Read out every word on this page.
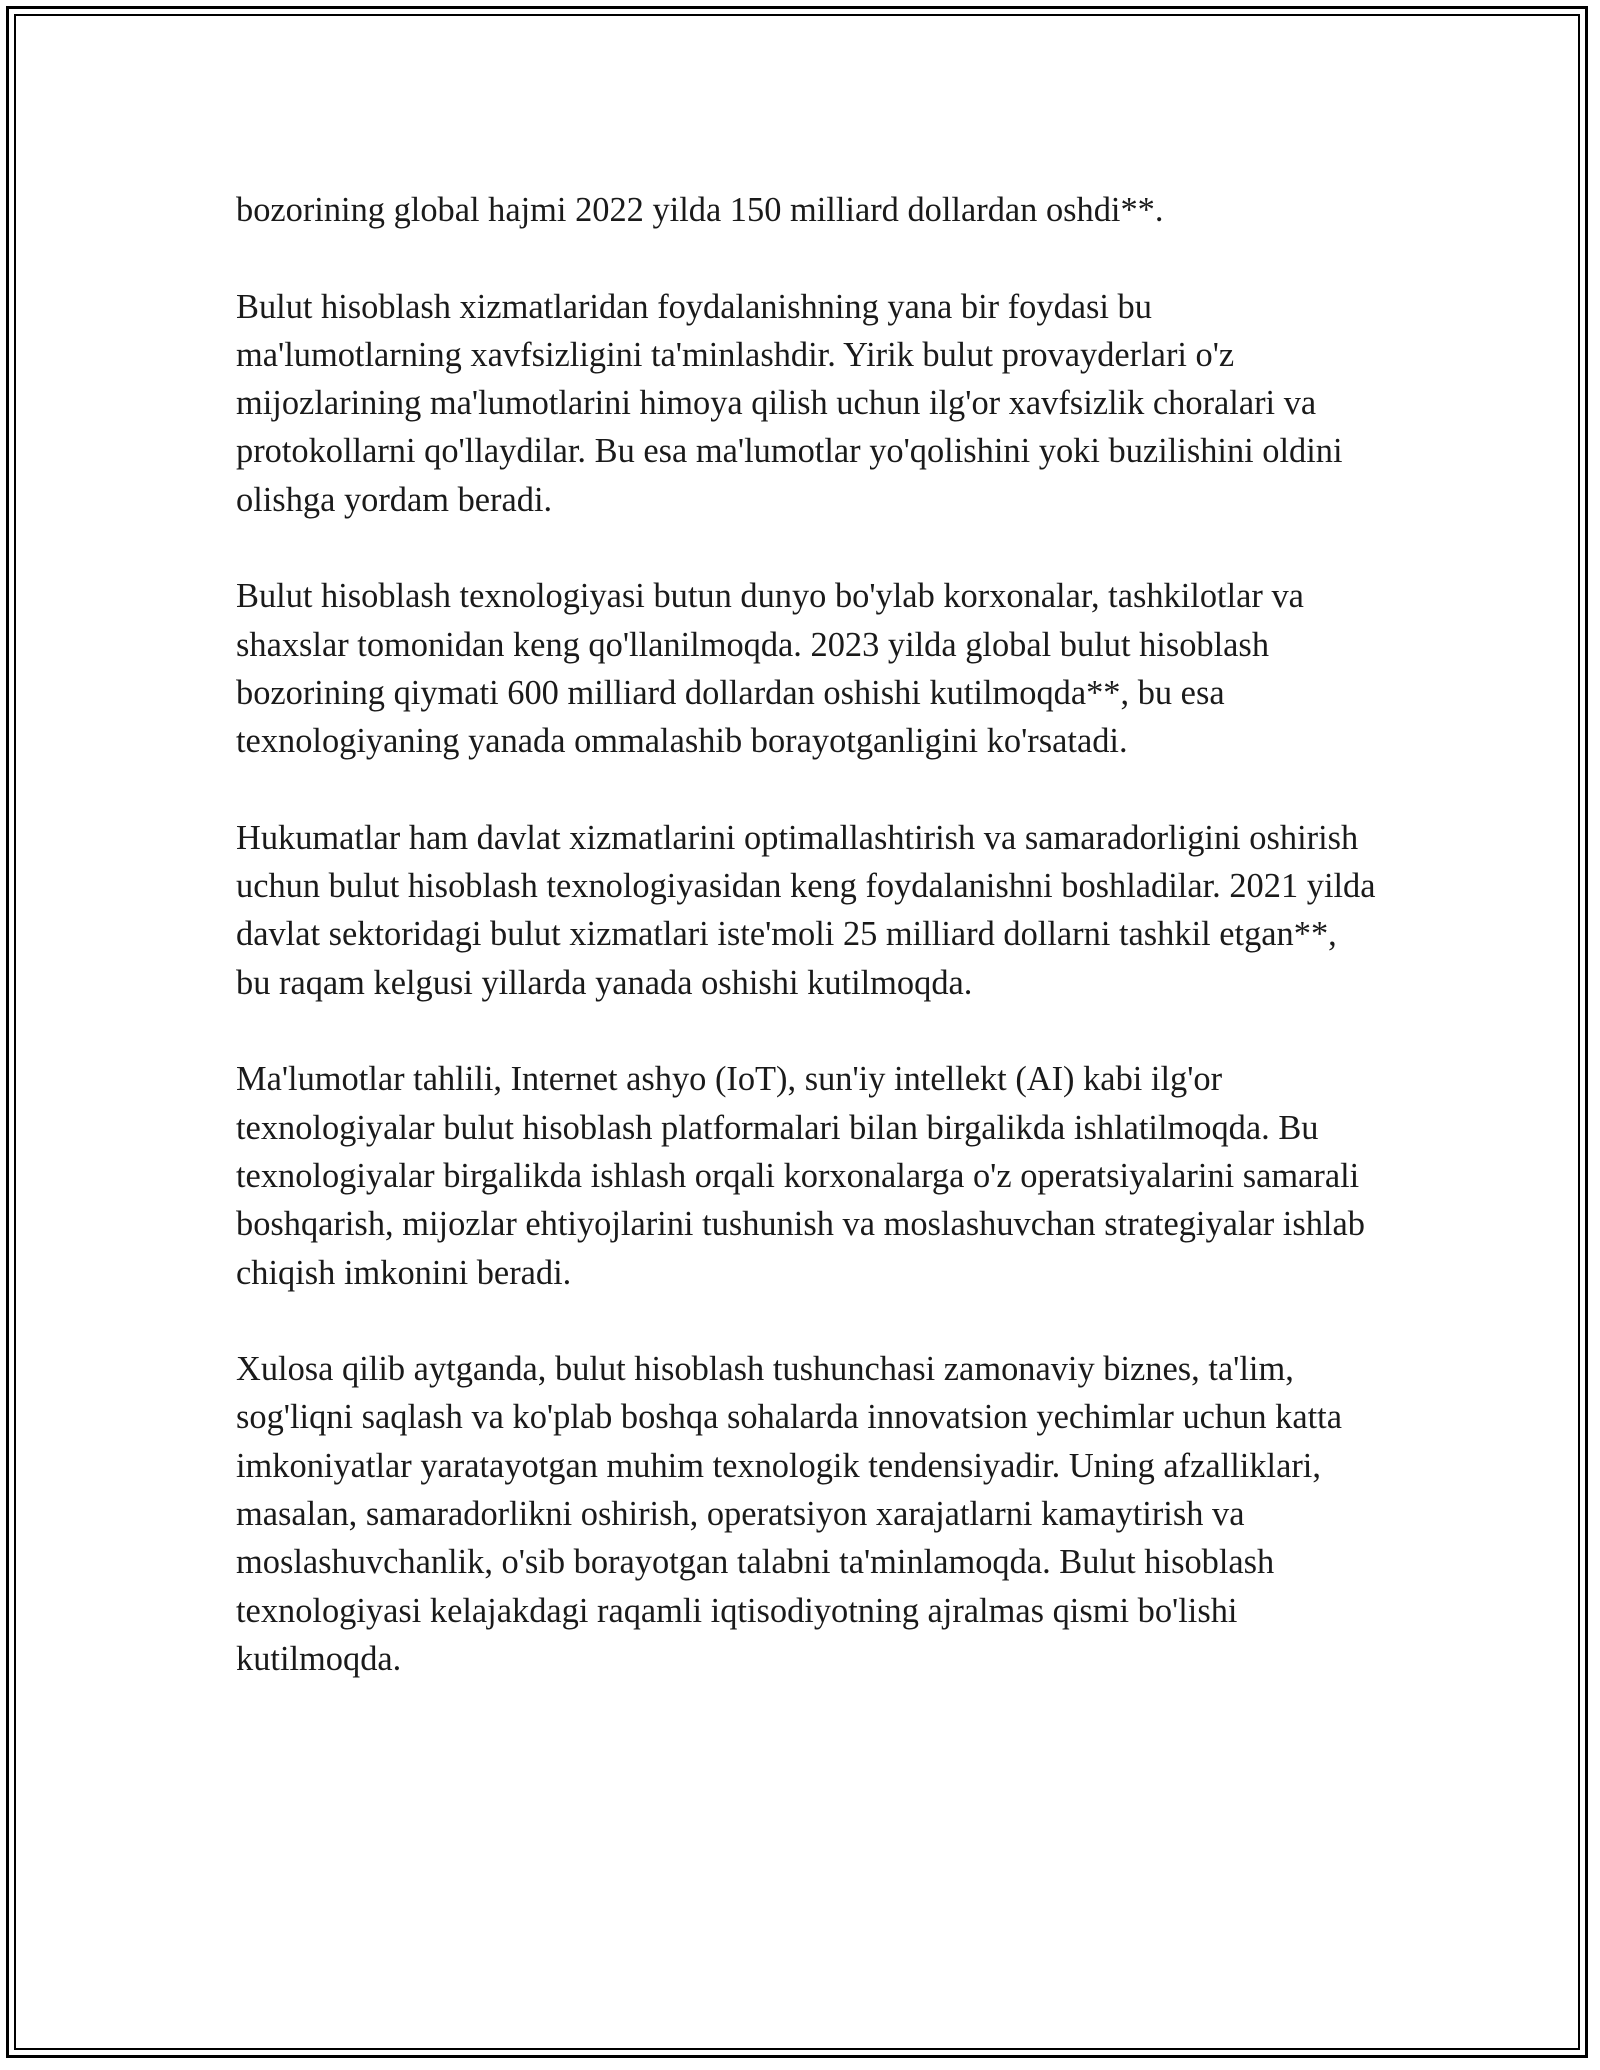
bozorining global hajmi 2022 yilda 150 milliard dollardan oshdi**.

Bulut hisoblash xizmatlaridan foydalanishning yana bir foydasi bu ma'lumotlarning xavfsizligini ta'minlashdir. Yirik bulut provayderlari o'z mijozlarining ma'lumotlarini himoya qilish uchun ilg'or xavfsizlik choralari va protokollarni qo'llaydilar. Bu esa ma'lumotlar yo'qolishini yoki buzilishini oldini olishga yordam beradi.

Bulut hisoblash texnologiyasi butun dunyo bo'ylab korxonalar, tashkilotlar va shaxslar tomonidan keng qo'llanilmoqda. 2023 yilda global bulut hisoblash bozorining qiymati 600 milliard dollardan oshishi kutilmoqda**, bu esa texnologiyaning yanada ommalashib borayotganligini ko'rsatadi.

Hukumatlar ham davlat xizmatlarini optimallashtirish va samaradorligini oshirish uchun bulut hisoblash texnologiyasidan keng foydalanishni boshladilar. 2021 yilda davlat sektoridagi bulut xizmatlari iste'moli 25 milliard dollarni tashkil etgan**, bu raqam kelgusi yillarda yanada oshishi kutilmoqda.

Ma'lumotlar tahlili, Internet ashyo (IoT), sun'iy intellekt (AI) kabi ilg'or texnologiyalar bulut hisoblash platformalari bilan birgalikda ishlatilmoqda. Bu texnologiyalar birgalikda ishlash orqali korxonalarga o'z operatsiyalarini samarali boshqarish, mijozlar ehtiyojlarini tushunish va moslashuvchan strategiyalar ishlab chiqish imkonini beradi.

Xulosa qilib aytganda, bulut hisoblash tushunchasi zamonaviy biznes, ta'lim, sog'liqni saqlash va ko'plab boshqa sohalarda innovatsion yechimlar uchun katta imkoniyatlar yaratayotgan muhim texnologik tendensiyadir. Uning afzalliklari, masalan, samaradorlikni oshirish, operatsiyon xarajatlarni kamaytirish va moslashuvchanlik, o'sib borayotgan talabni ta'minlamoqda. Bulut hisoblash texnologiyasi kelajakdagi raqamli iqtisodiyotning ajralmas qismi bo'lishi kutilmoqda.
